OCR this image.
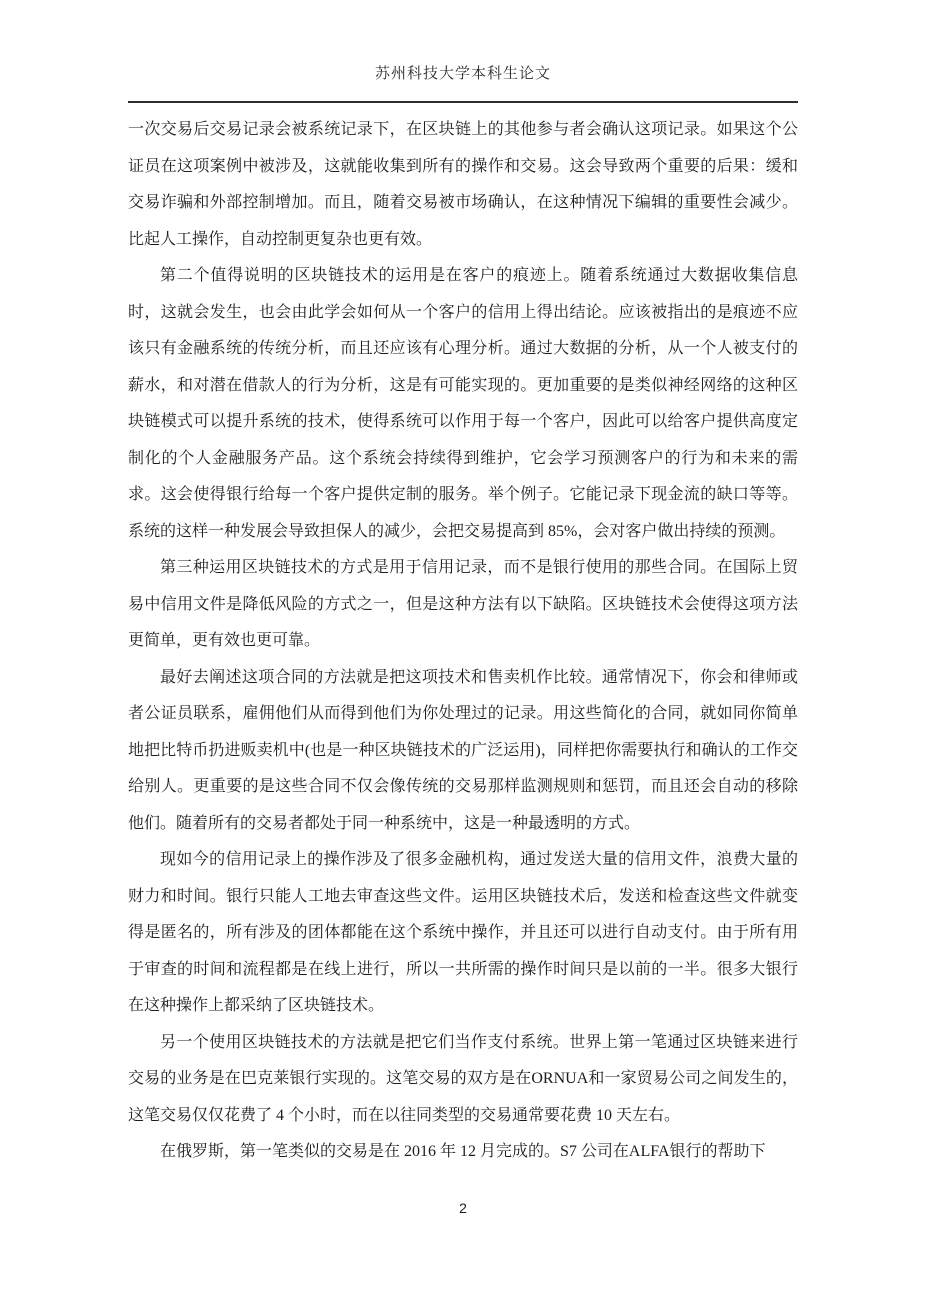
苏州科技大学本科生论文

一次交易后交易记录会被系统记录下，在区块链上的其他参与者会确认这项记录。如果这个公证员在这项案例中被涉及，这就能收集到所有的操作和交易。这会导致两个重要的后果：缓和交易诈骗和外部控制增加。而且，随着交易被市场确认，在这种情况下编辑的重要性会减少。比起人工操作，自动控制更复杂也更有效。

第二个值得说明的区块链技术的运用是在客户的痕迹上。随着系统通过大数据收集信息时，这就会发生，也会由此学会如何从一个客户的信用上得出结论。应该被指出的是痕迹不应该只有金融系统的传统分析，而且还应该有心理分析。通过大数据的分析，从一个人被支付的薪水，和对潜在借款人的行为分析，这是有可能实现的。更加重要的是类似神经网络的这种区块链模式可以提升系统的技术，使得系统可以作用于每一个客户，因此可以给客户提供高度定制化的个人金融服务产品。这个系统会持续得到维护，它会学习预测客户的行为和未来的需求。这会使得银行给每一个客户提供定制的服务。举个例子。它能记录下现金流的缺口等等。系统的这样一种发展会导致担保人的减少，会把交易提高到 85%，会对客户做出持续的预测。

第三种运用区块链技术的方式是用于信用记录，而不是银行使用的那些合同。在国际上贸易中信用文件是降低风险的方式之一，但是这种方法有以下缺陷。区块链技术会使得这项方法更简单，更有效也更可靠。

最好去阐述这项合同的方法就是把这项技术和售卖机作比较。通常情况下，你会和律师或者公证员联系，雇佣他们从而得到他们为你处理过的记录。用这些简化的合同，就如同你简单地把比特币扔进贩卖机中(也是一种区块链技术的广泛运用)，同样把你需要执行和确认的工作交给别人。更重要的是这些合同不仅会像传统的交易那样监测规则和惩罚，而且还会自动的移除他们。随着所有的交易者都处于同一种系统中，这是一种最透明的方式。

现如今的信用记录上的操作涉及了很多金融机构，通过发送大量的信用文件，浪费大量的财力和时间。银行只能人工地去审查这些文件。运用区块链技术后，发送和检查这些文件就变得是匿名的，所有涉及的团体都能在这个系统中操作，并且还可以进行自动支付。由于所有用于审查的时间和流程都是在线上进行，所以一共所需的操作时间只是以前的一半。很多大银行在这种操作上都采纳了区块链技术。

另一个使用区块链技术的方法就是把它们当作支付系统。世界上第一笔通过区块链来进行交易的业务是在巴克莱银行实现的。这笔交易的双方是在ORNUA和一家贸易公司之间发生的，这笔交易仅仅花费了 4 个小时，而在以往同类型的交易通常要花费 10 天左右。

在俄罗斯，第一笔类似的交易是在 2016 年 12 月完成的。S7 公司在ALFA银行的帮助下

2
